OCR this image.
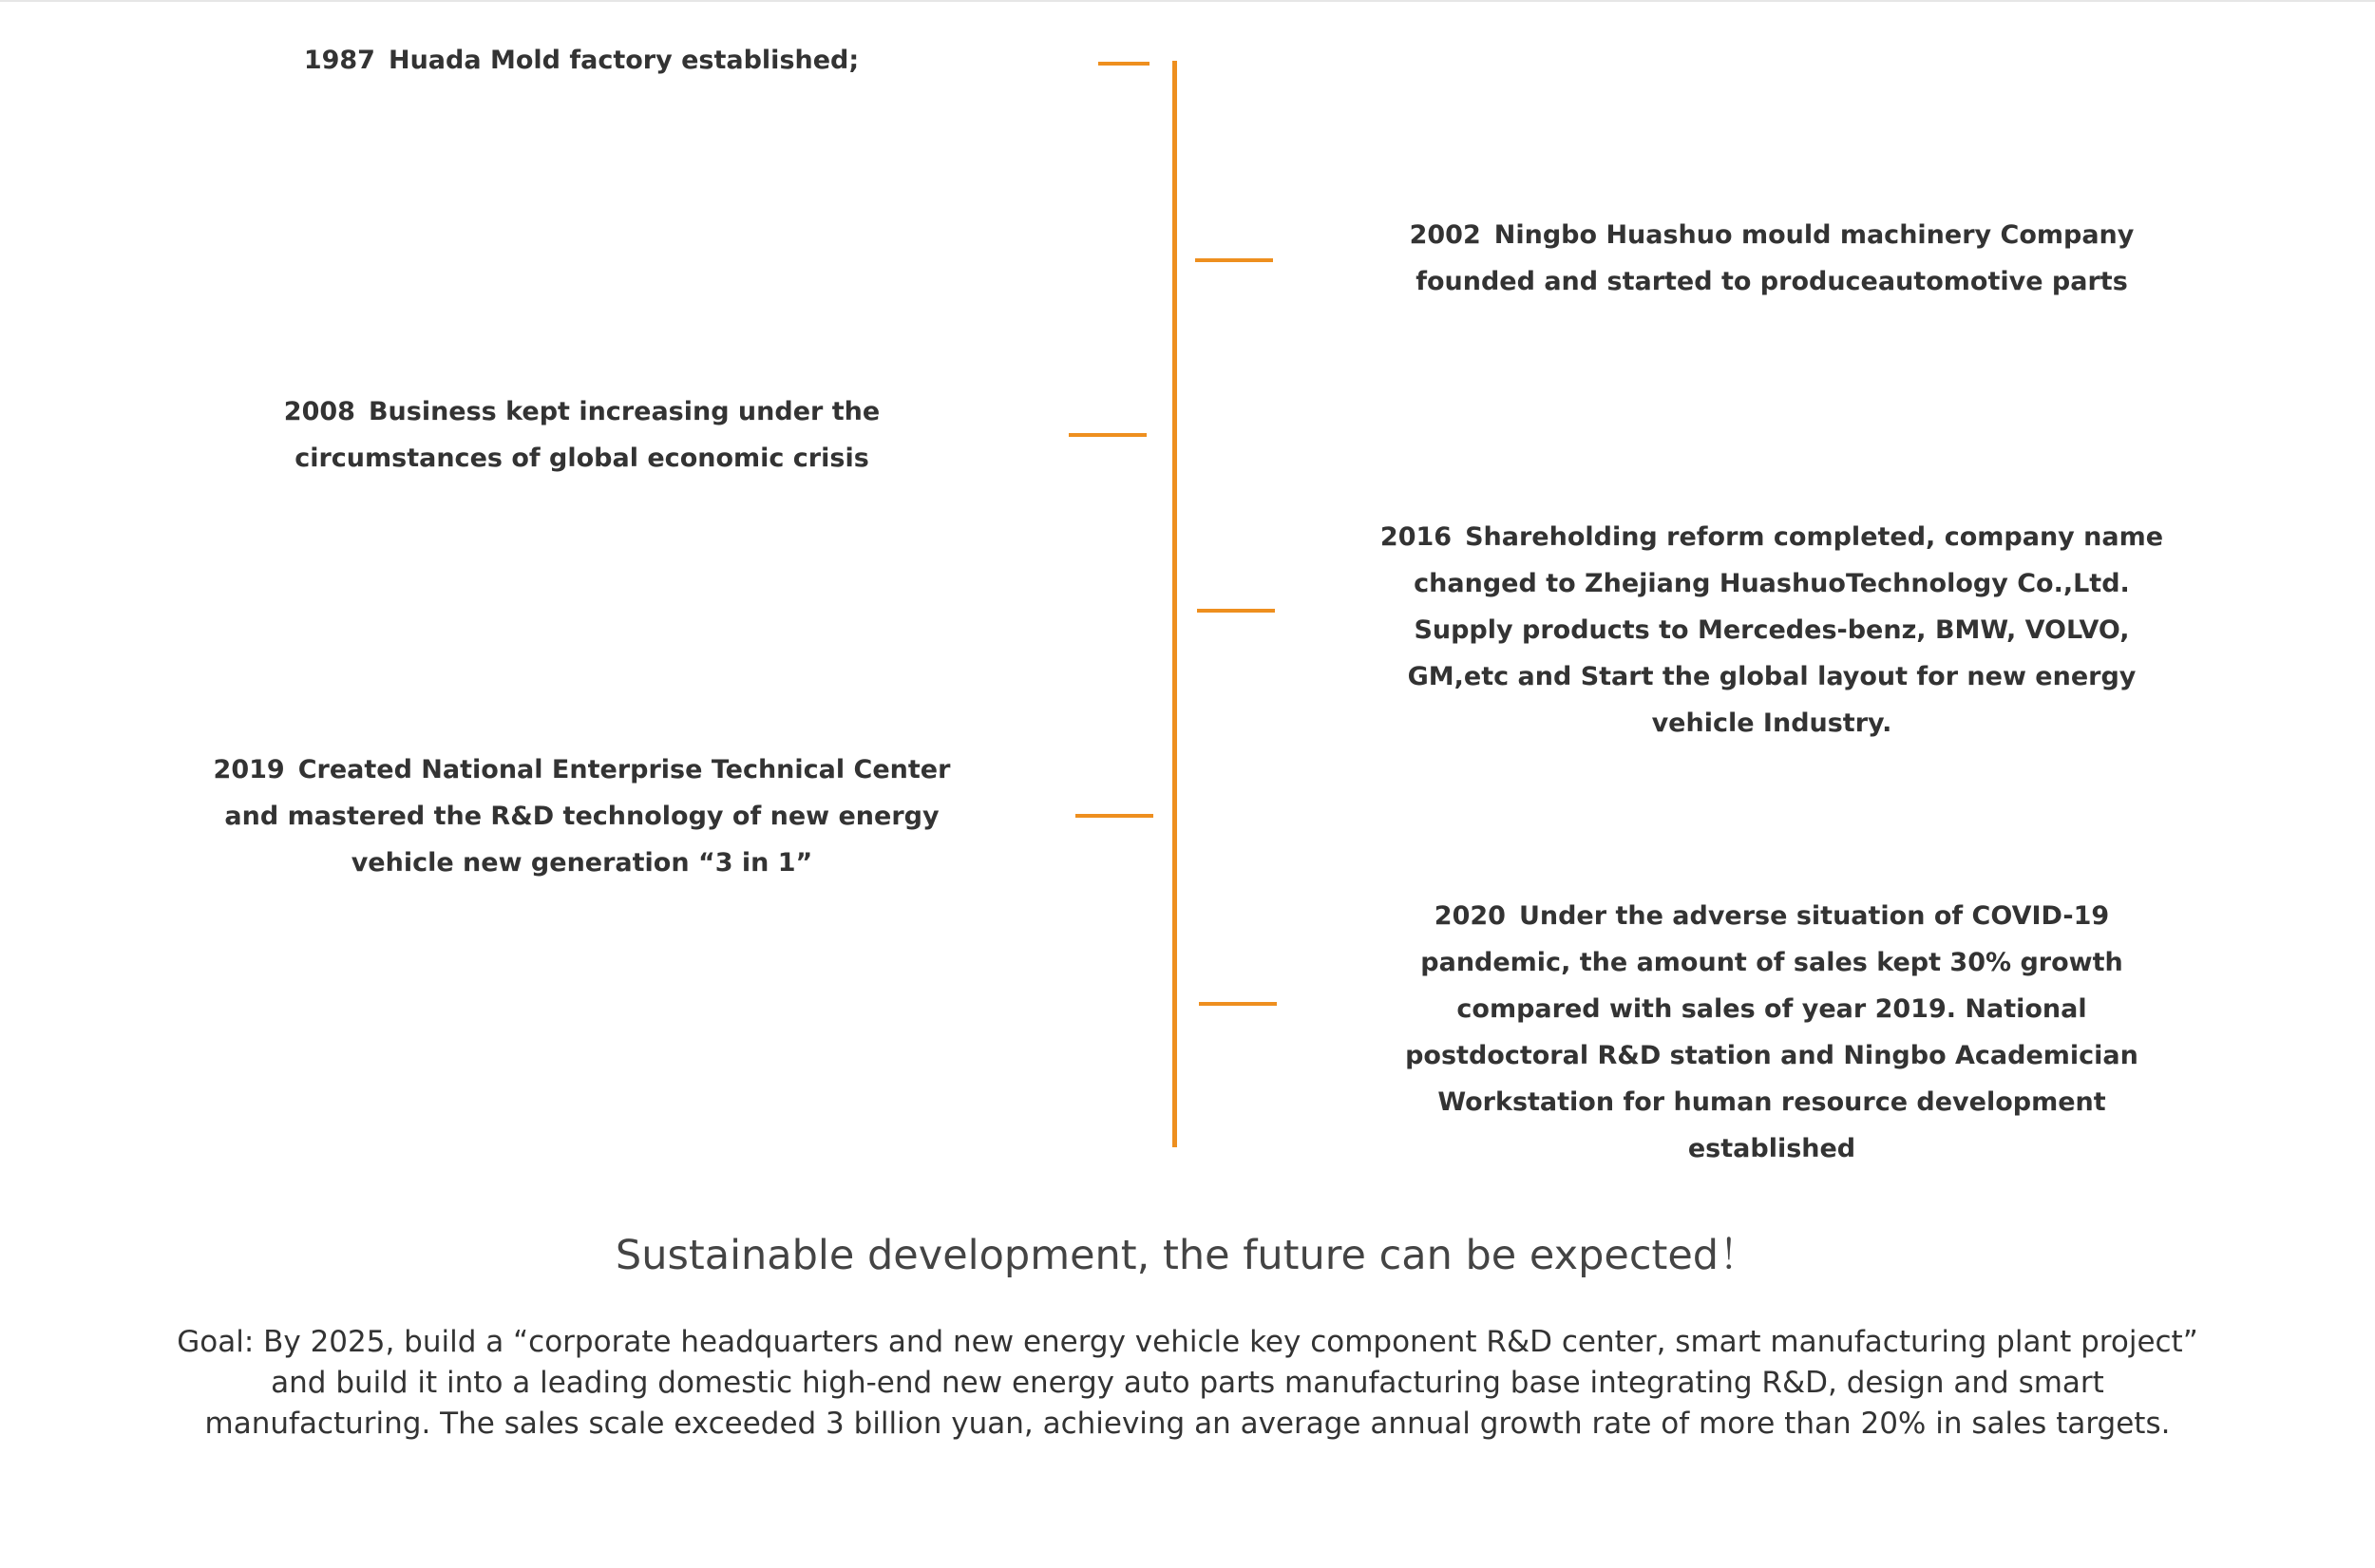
1987 Huada Mold factory established;
2002 Ningbo Huashuo mould machinery Company founded and started to produceautomotive parts
2008 Business kept increasing under the circumstances of global economic crisis
2016 Shareholding reform completed, company name changed to Zhejiang HuashuoTechnology Co.,Ltd. Supply products to Mercedes-benz, BMW, VOLVO, GM,etc and Start the global layout for new energy vehicle Industry.
2019 Created National Enterprise Technical Center and mastered the R&D technology of new energy vehicle new generation “3 in 1”
2020 Under the adverse situation of COVID-19 pandemic, the amount of sales kept 30% growth compared with sales of year 2019. National postdoctoral R&D station and Ningbo Academician Workstation for human resource development established
Sustainable development, the future can be expected！
Goal: By 2025, build a “corporate headquarters and new energy vehicle key component R&D center, smart manufacturing plant project” and build it into a leading domestic high-end new energy auto parts manufacturing base integrating R&D, design and smart manufacturing. The sales scale exceeded 3 billion yuan, achieving an average annual growth rate of more than 20% in sales targets.
